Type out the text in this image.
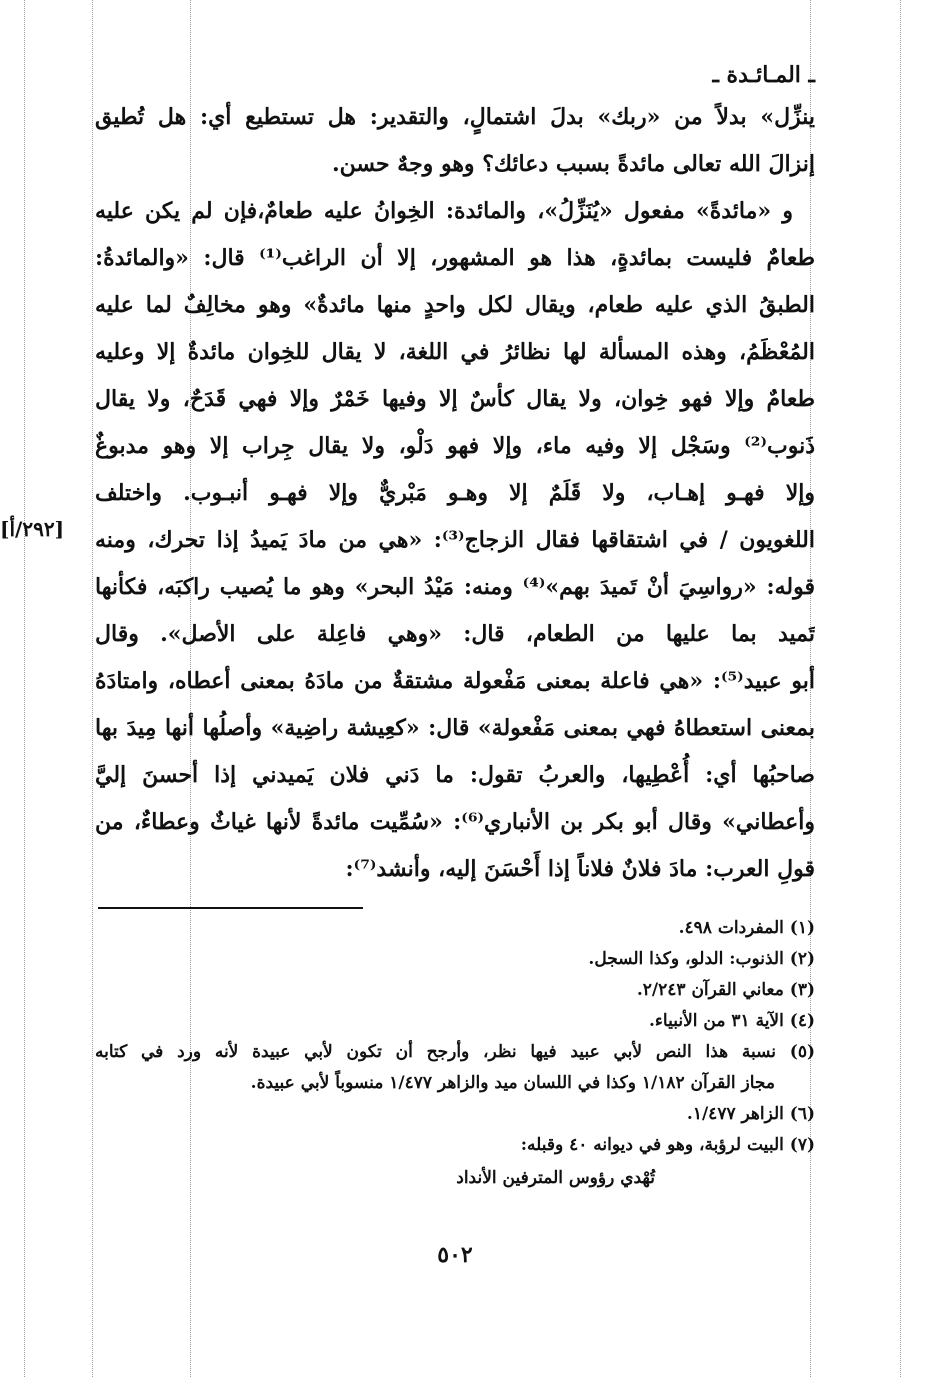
ـ المـائـدة ـ
[٢٩٢/أ]
ينزِّل» بدلاً من «ربك» بدلَ اشتمالٍ، والتقدير: هل تستطيع أي: هل تُطيق
إنزالَ الله تعالى مائدةً بسبب دعائك؟ وهو وجهٌ حسن.
و «مائدةً» مفعول «يُنَزِّلُ»، والمائدة: الخِوانُ عليه طعامٌ،فإن لم يكن عليه
طعامٌ فليست بمائدةٍ، هذا هو المشهور، إلا أن الراغب⁽¹⁾ قال: «والمائدةُ:
الطبقُ الذي عليه طعام، ويقال لكل واحدٍ منها مائدةٌ» وهو مخالِفٌ لما عليه
المُعْظَمُ، وهذه المسألة لها نظائرُ في اللغة، لا يقال للخِوان مائدةٌ إلا وعليه
طعامٌ وإلا فهو خِوان، ولا يقال كأسٌ إلا وفيها خَمْرٌ وإلا فهي قَدَحٌ، ولا يقال
ذَنوب⁽²⁾ وسَجْل إلا وفيه ماء، وإلا فهو دَلْو، ولا يقال جِراب إلا وهو مدبوغٌ
وإلا فهـو إهـاب، ولا قَلَمٌ إلا وهـو مَبْريٌّ وإلا فهـو أنبـوب. واختلف
اللغويون / في اشتقاقها فقال الزجاج⁽³⁾: «هي من مادَ يَميدُ إذا تحرك، ومنه
قوله: «رواسِيَ أنْ تَميدَ بهم»⁽⁴⁾ ومنه: مَيْدُ البحر» وهو ما يُصيب راكبَه، فكأنها
تَميد بما عليها من الطعام، قال: «وهي فاعِلة على الأصل». وقال
أبو عبيد⁽⁵⁾: «هي فاعلة بمعنى مَفْعولة مشتقةٌ من مادَهُ بمعنى أعطاه، وامتادَهُ
بمعنى استعطاهُ فهي بمعنى مَفْعولة» قال: «كعِيشة راضِية» وأصلُها أنها مِيدَ بها
صاحبُها أي: أُعْطِيها، والعربُ تقول: ما دَني فلان يَميدني إذا أحسنَ إليَّ
وأعطاني» وقال أبو بكر بن الأنباري⁽⁶⁾: «سُمِّيت مائدةً لأنها غياثٌ وعطاءٌ، من
قولِ العرب: مادَ فلانٌ فلاناً إذا أَحْسَنَ إليه، وأنشد⁽⁷⁾:
(١) المفردات ٤٩٨.
(٢) الذنوب: الدلو، وكذا السجل.
(٣) معاني القرآن ٢/٢٤٣.
(٤) الآية ٣١ من الأنبياء.
(٥) نسبة هذا النص لأبي عبيد فيها نظر، وأرجح أن تكون لأبي عبيدة لأنه ورد في كتابه
مجاز القرآن ١/١٨٢ وكذا في اللسان ميد والزاهر ١/٤٧٧ منسوباً لأبي عبيدة.
(٦) الزاهر ١/٤٧٧.
(٧) البيت لرؤبة، وهو في ديوانه ٤٠ وقبله:
تُهْدي رؤوس المترفين الأنداد
٥٠٢
